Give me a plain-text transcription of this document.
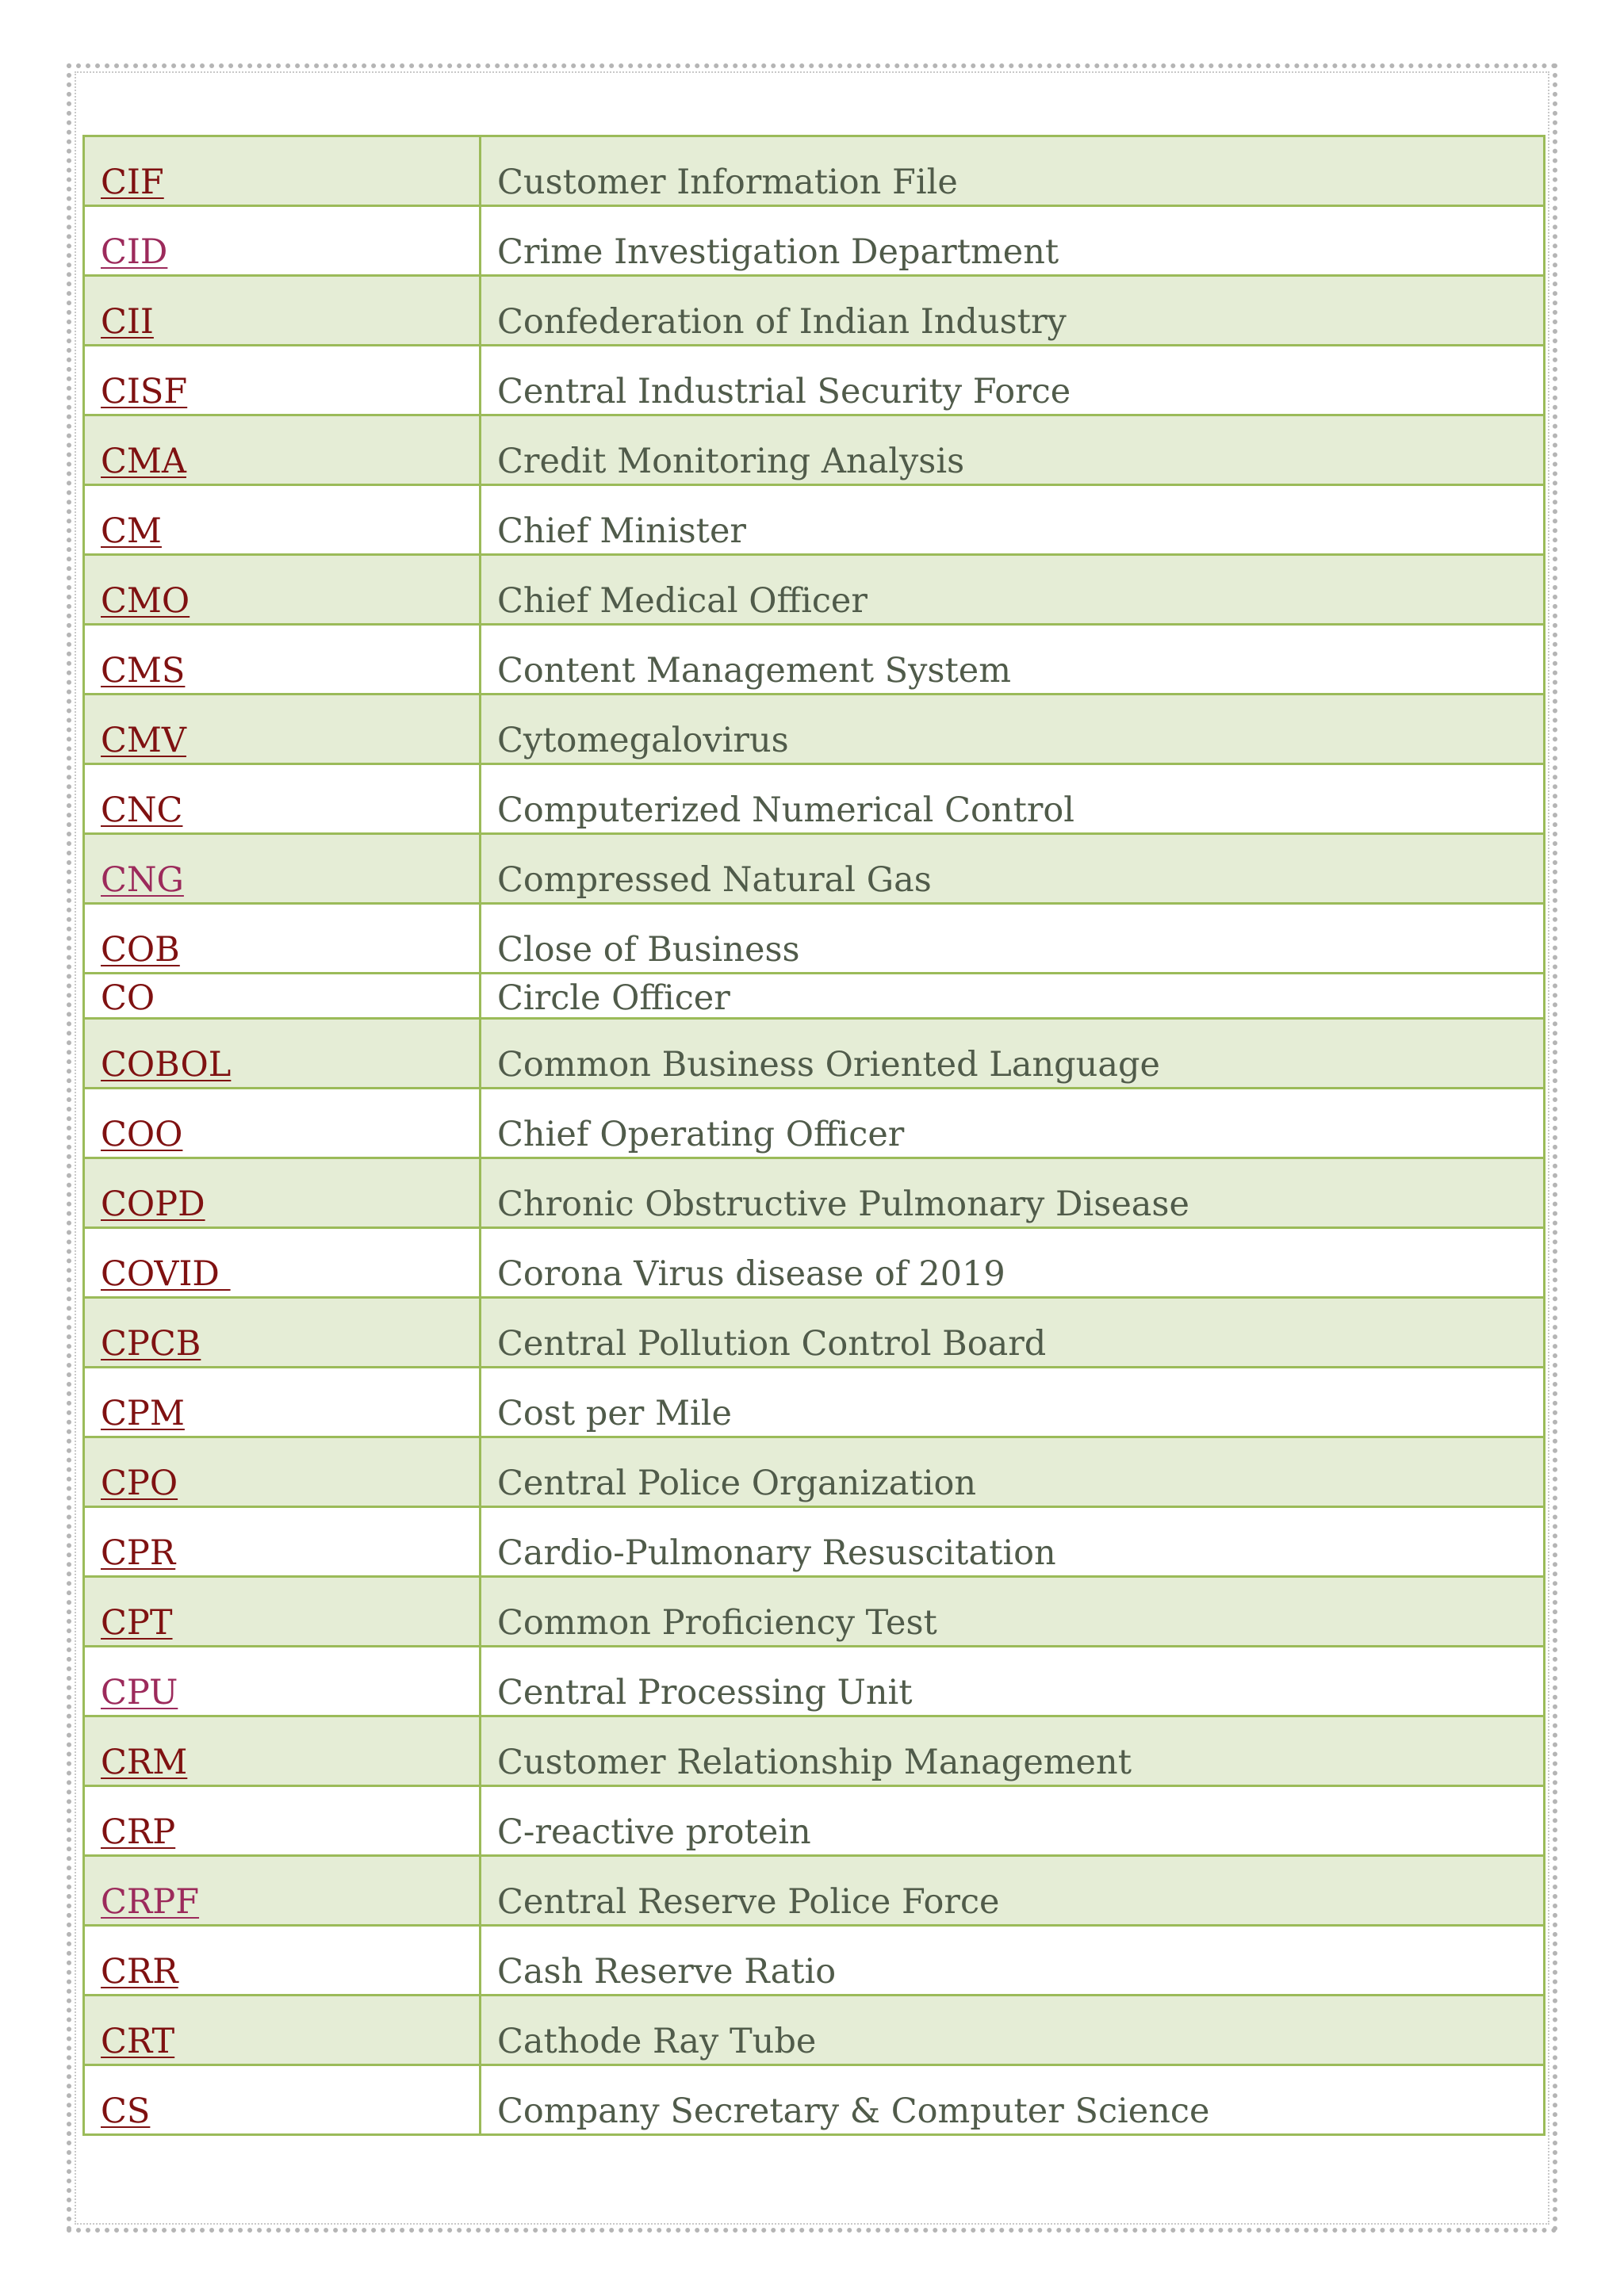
CIF	Customer Information File
CID	Crime Investigation Department
CII	Confederation of Indian Industry
CISF	Central Industrial Security Force
CMA	Credit Monitoring Analysis
CM	Chief Minister
CMO	Chief Medical Officer
CMS	Content Management System
CMV	Cytomegalovirus
CNC	Computerized Numerical Control
CNG	Compressed Natural Gas
COB	Close of Business
CO	Circle Officer
COBOL	Common Business Oriented Language
COO	Chief Operating Officer
COPD	Chronic Obstructive Pulmonary Disease
COVID	Corona Virus disease of 2019
CPCB	Central Pollution Control Board
CPM	Cost per Mile
CPO	Central Police Organization
CPR	Cardio-Pulmonary Resuscitation
CPT	Common Proficiency Test
CPU	Central Processing Unit
CRM	Customer Relationship Management
CRP	C-reactive protein
CRPF	Central Reserve Police Force
CRR	Cash Reserve Ratio
CRT	Cathode Ray Tube
CS	Company Secretary & Computer Science
